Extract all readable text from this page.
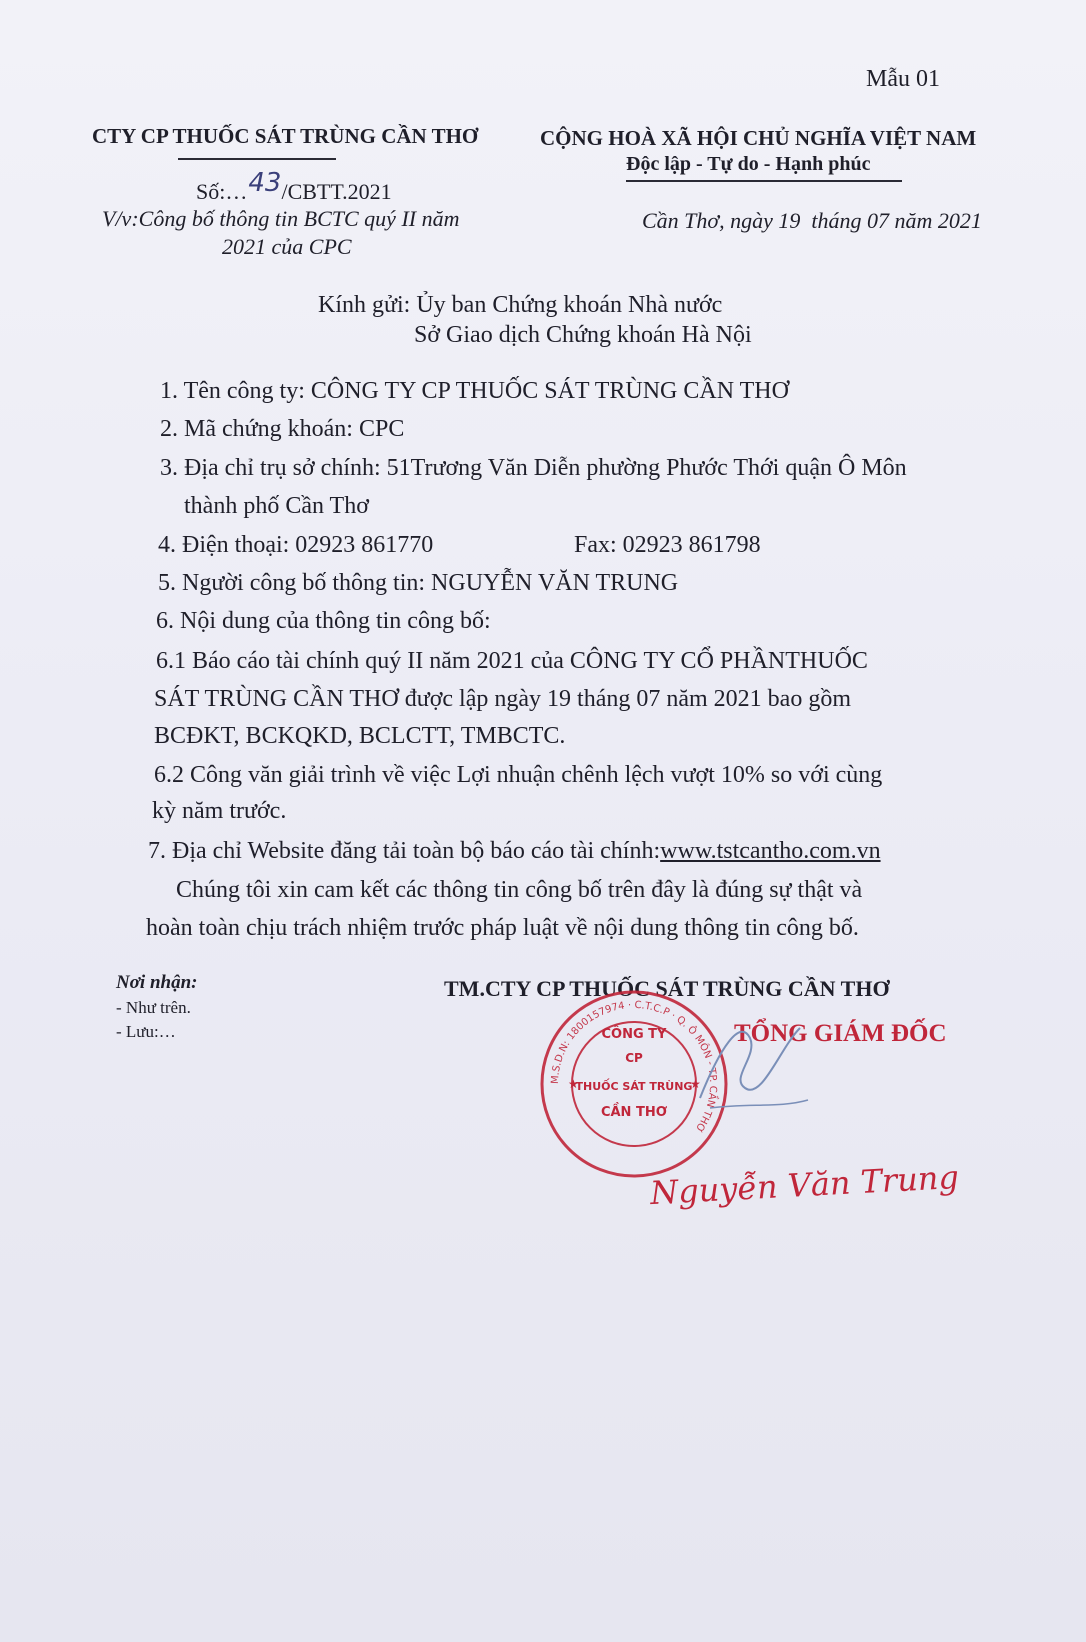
Mẫu 01
CTY CP THUỐC SÁT TRÙNG CẦN THƠ
Số:…43/CBTT.2021
V/v:Công bố thông tin BCTC quý II năm
2021 của CPC
CỘNG HOÀ XÃ HỘI CHỦ NGHĨA VIỆT NAM
Độc lập - Tự do - Hạnh phúc
Cần Thơ, ngày 19 tháng 07 năm 2021
Kính gửi: Ủy ban Chứng khoán Nhà nước
Sở Giao dịch Chứng khoán Hà Nội
1. Tên công ty: CÔNG TY CP THUỐC SÁT TRÙNG CẦN THƠ
2. Mã chứng khoán: CPC
3. Địa chỉ trụ sở chính: 51Trương Văn Diễn phường Phước Thới quận Ô Môn
thành phố Cần Thơ
4. Điện thoại: 02923 861770	Fax: 02923 861798
5. Người công bố thông tin: NGUYỄN VĂN TRUNG
6. Nội dung của thông tin công bố:
6.1 Báo cáo tài chính quý II năm 2021 của CÔNG TY CỔ PHẦNTHUỐC
SÁT TRÙNG CẦN THƠ được lập ngày 19 tháng 07 năm 2021 bao gồm
BCĐKT, BCKQKD, BCLCTT, TMBCTC.
6.2 Công văn giải trình về việc Lợi nhuận chênh lệch vượt 10% so với cùng
kỳ năm trước.
7. Địa chỉ Website đăng tải toàn bộ báo cáo tài chính:www.tstcantho.com.vn
Chúng tôi xin cam kết các thông tin công bố trên đây là đúng sự thật và
hoàn toàn chịu trách nhiệm trước pháp luật về nội dung thông tin công bố.
Nơi nhận:
- Như trên.
- Lưu:…
TM.CTY CP THUỐC SÁT TRÙNG CẦN THƠ
TỔNG GIÁM ĐỐC
M.S.D.N: 1800157974 · C.T.C.P · Q. Ô MÔN - TP. CẦN THƠ
CÔNG TY
CP
THUỐC SÁT TRÙNG
CẦN THƠ
★	★
Nguyễn Văn Trung
